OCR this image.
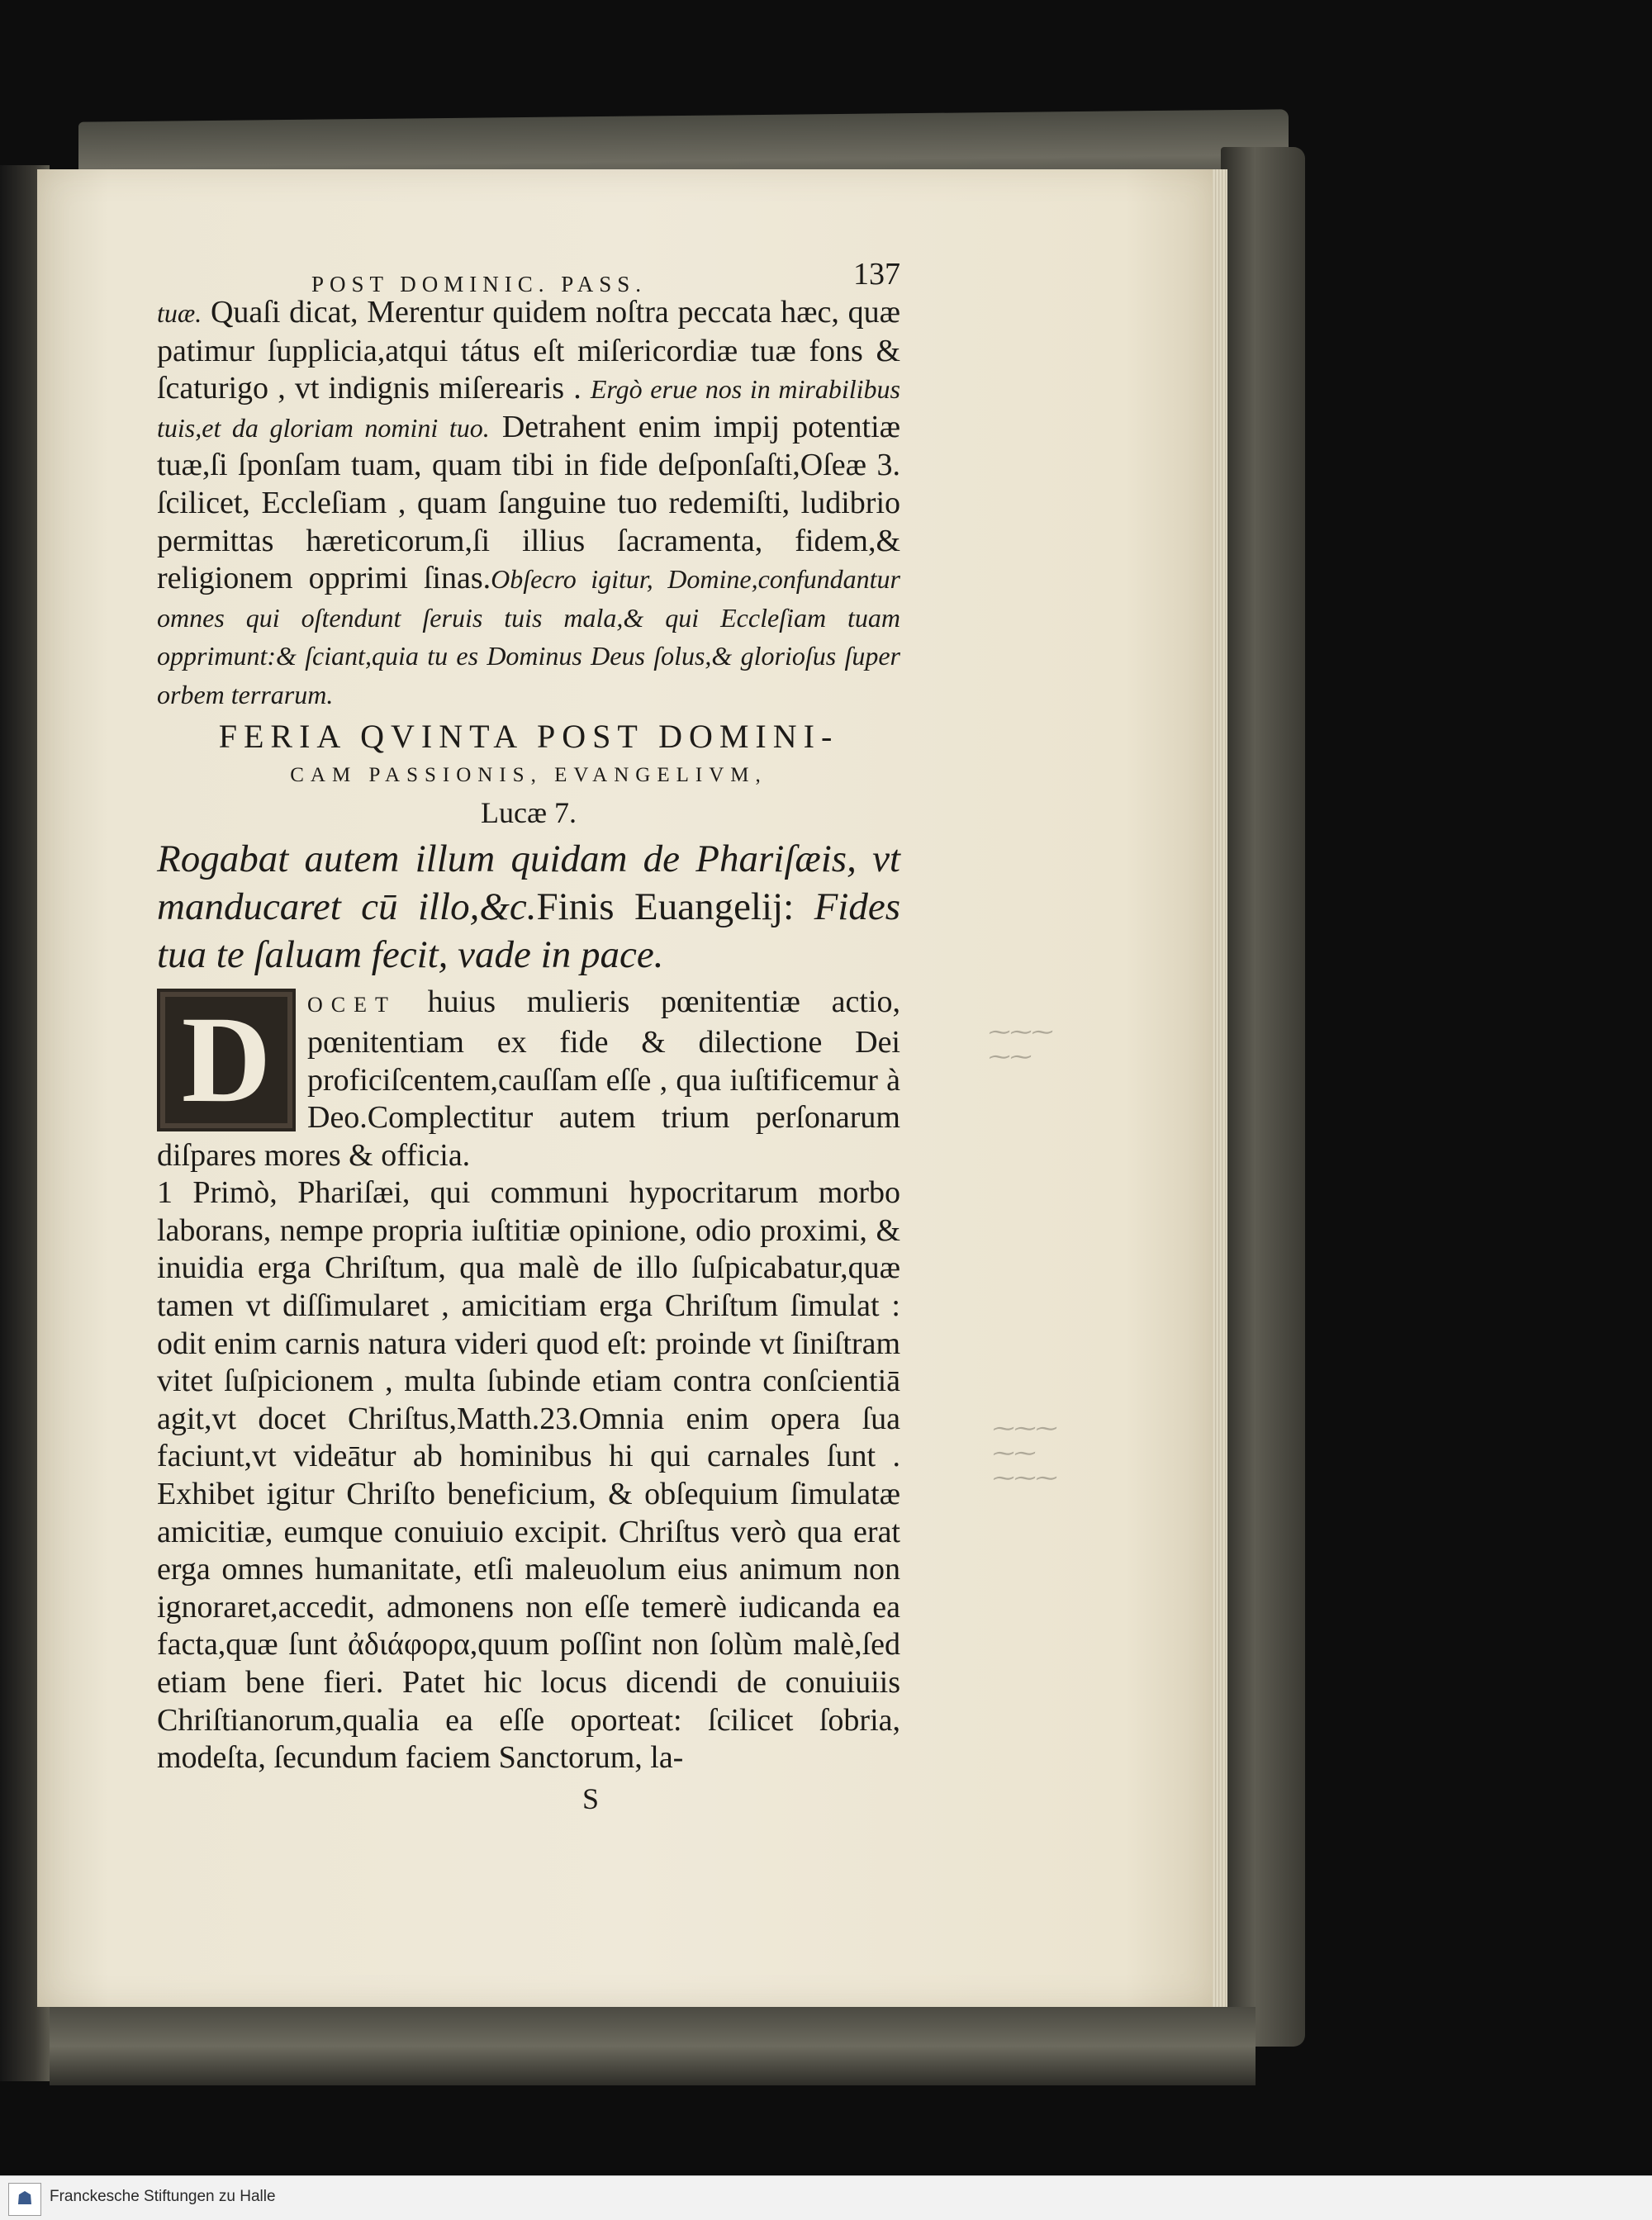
⁓⁓⁓
⁓⁓
⁓⁓⁓
⁓⁓
⁓⁓⁓
POST DOMINIC. PASS.	137

tuæ. Quaſi dicat, Merentur quidem noſtra peccata hæc, quæ patimur ſupplicia,atqui tátus eſt miſericordiæ tuæ fons & ſcaturigo , vt indignis miſerearis . Ergò erue nos in mirabilibus tuis,et da gloriam nomini tuo. Detrahent enim impij potentiæ tuæ,ſi ſponſam tuam, quam tibi in fide deſponſaſti,Oſeæ 3. ſcilicet, Eccleſiam , quam ſanguine tuo redemiſti, ludibrio permittas hæreticorum,ſi illius ſacramenta, fidem,& religionem opprimi ſinas.Obſecro igitur, Domine,confundantur omnes qui oſtendunt ſeruis tuis mala,& qui Eccleſiam tuam opprimunt:& ſciant,quia tu es Dominus Deus ſolus,& glorioſus ſuper orbem terrarum.

FERIA QVINTA POST DOMINI-

CAM PASSIONIS, EVANGELIVM,

Lucæ 7.

Rogabat autem illum quidam de Phariſæis, vt manducaret cū illo,&c.Finis Euangelij: Fides tua te ſaluam fecit, vade in pace.

D	OCET huius mulieris pœnitentiæ actio, pœnitentiam ex fide & dilectione Dei proficiſcentem,cauſſam eſſe , qua iuſtificemur à Deo.Complectitur autem trium perſonarum diſpares mores & officia.

1 Primò, Phariſæi, qui communi hypocritarum morbo laborans, nempe propria iuſtitiæ opinione, odio proximi, & inuidia erga Chriſtum, qua malè de illo ſuſpicabatur,quæ tamen vt diſſimularet , amicitiam erga Chriſtum ſimulat : odit enim carnis natura videri quod eſt: proinde vt ſiniſtram vitet ſuſpicionem , multa ſubinde etiam contra conſcientiā agit,vt docet Chriſtus,Matth.23.Omnia enim opera ſua faciunt,vt videātur ab hominibus hi qui carnales ſunt . Exhibet igitur Chriſto beneficium, & obſequium ſimulatæ amicitiæ, eumque conuiuio excipit. Chriſtus verò qua erat erga omnes humanitate, etſi maleuolum eius animum non ignoraret,accedit, admonens non eſſe temerè iudicanda ea facta,quæ ſunt ἀδιάφορα,quum poſſint non ſolùm malè,ſed etiam bene fieri. Patet hic locus dicendi de conuiuiis Chriſtianorum,qualia ea eſſe oporteat: ſcilicet ſobria, modeſta, ſecundum faciem Sanctorum, la-

S
☗	Franckesche Stiftungen zu Halle
